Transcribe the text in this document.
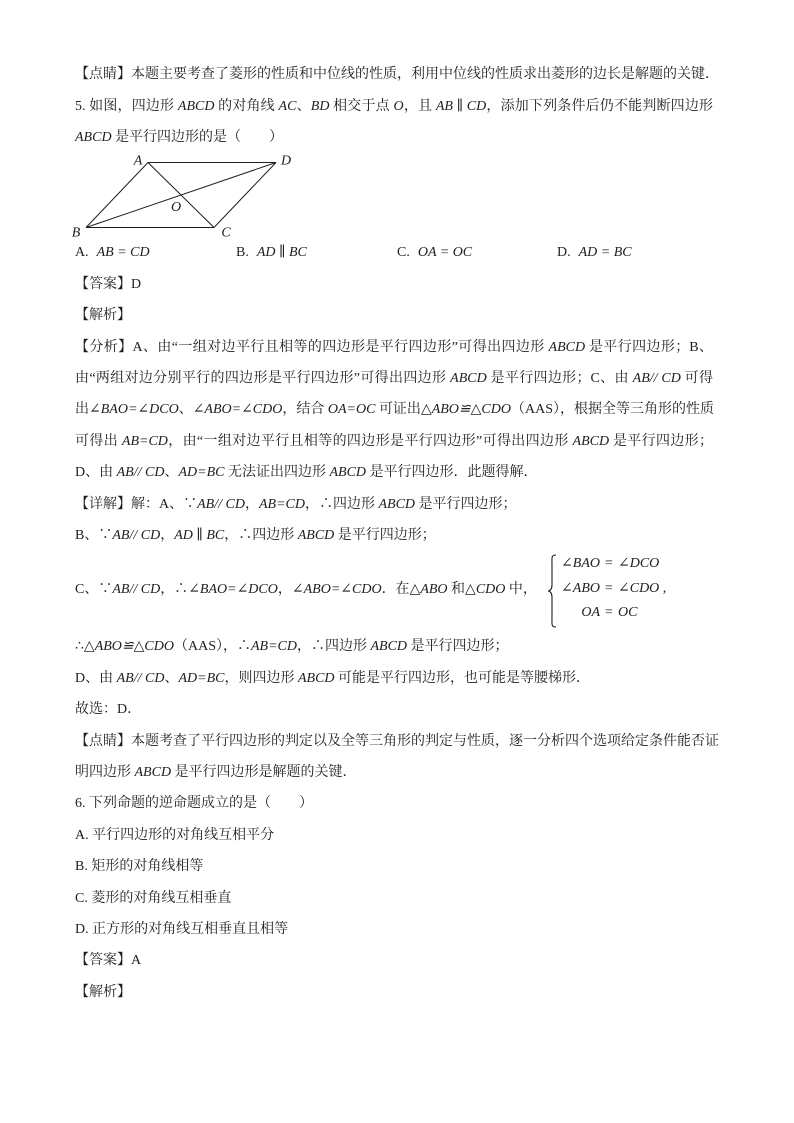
【点睛】本题主要考查了菱形的性质和中位线的性质，利用中位线的性质求出菱形的边长是解题的关键．
5. 如图，四边形 ABCD 的对角线 AC、BD 相交于点 O，且 AB ∥ CD，添加下列条件后仍不能判断四边形
ABCD 是平行四边形的是（　　）
A	D
B	C
O
A. AB = CD	B. AD ∥ BC	C. OA = OC	D. AD = BC
【答案】D
【解析】
【分析】A、由“一组对边平行且相等的四边形是平行四边形”可得出四边形 ABCD 是平行四边形；B、
由“两组对边分别平行的四边形是平行四边形”可得出四边形 ABCD 是平行四边形；C、由 AB// CD 可得
出∠BAO=∠DCO、∠ABO=∠CDO，结合 OA=OC 可证出△ABO≌△CDO（AAS），根据全等三角形的性质
可得出 AB=CD，由“一组对边平行且相等的四边形是平行四边形”可得出四边形 ABCD 是平行四边形；
D、由 AB// CD、AD=BC 无法证出四边形 ABCD 是平行四边形．此题得解．
【详解】解：A、∵AB// CD，AB=CD，∴四边形 ABCD 是平行四边形；
B、∵AB// CD，AD ∥ BC，∴四边形 ABCD 是平行四边形；
C、∵AB// CD，∴∠BAO=∠DCO，∠ABO=∠CDO．在△ABO 和△CDO 中，
∠BAO = ∠DCO
∠ABO = ∠CDO ,
OA = OC
∴△ABO≌△CDO（AAS），∴AB=CD，∴四边形 ABCD 是平行四边形；
D、由 AB// CD、AD=BC，则四边形 ABCD 可能是平行四边形，也可能是等腰梯形．
故选：D．
【点睛】本题考查了平行四边形的判定以及全等三角形的判定与性质，逐一分析四个选项给定条件能否证
明四边形 ABCD 是平行四边形是解题的关键．
6. 下列命题的逆命题成立的是（　　）
A. 平行四边形的对角线互相平分
B. 矩形的对角线相等
C. 菱形的对角线互相垂直
D. 正方形的对角线互相垂直且相等
【答案】A
【解析】
